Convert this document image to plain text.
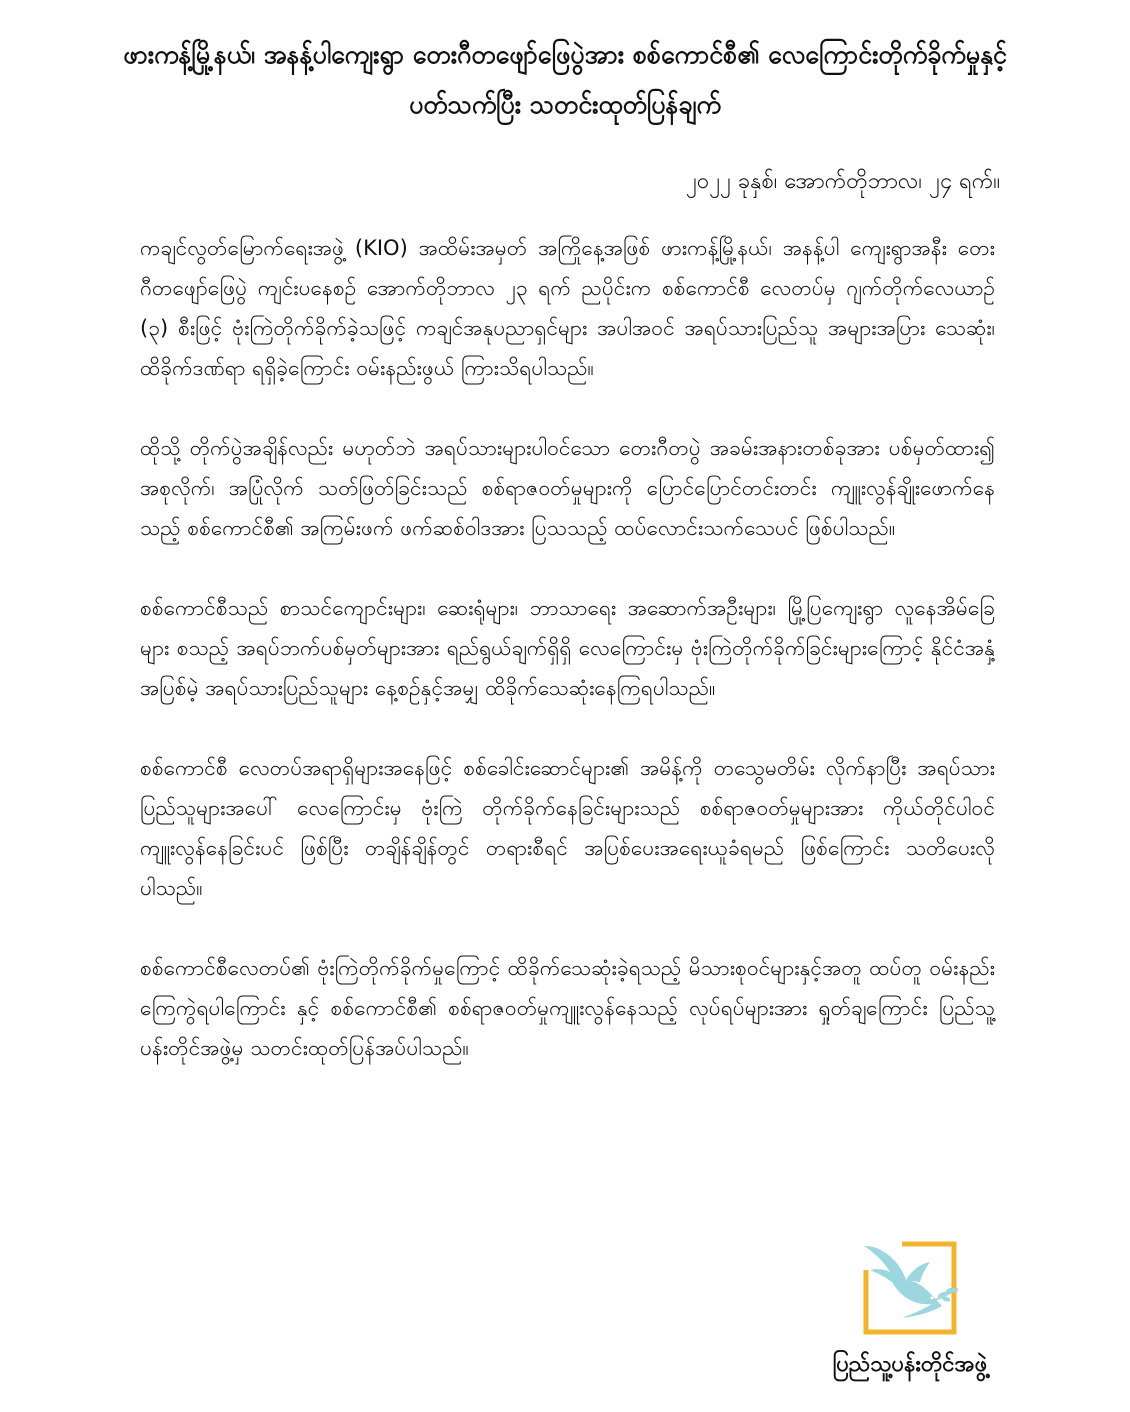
ဖားကန့်မြို့နယ်၊ အနန့်ပါကျေးရွာ တေးဂီတဖျော်ဖြေပွဲအား စစ်ကောင်စီ၏ လေကြောင်းတိုက်ခိုက်မှုနှင့် ပတ်သက်ပြီး သတင်းထုတ်ပြန်ချက်
၂၀၂၂ ခုနှစ်၊ အောက်တိုဘာလ၊ ၂၄ ရက်။

ကချင်လွတ်မြောက်ရေးအဖွဲ့ (KIO) အထိမ်းအမှတ် အကြိုနေ့အဖြစ် ဖားကန့်မြို့နယ်၊ အနန့်ပါ ကျေးရွာအနီး တေးဂီတဖျော်ဖြေပွဲ ကျင်းပနေစဉ် အောက်တိုဘာလ ၂၃ ရက် ညပိုင်းက စစ်ကောင်စီ လေတပ်မှ ဂျက်တိုက်လေယာဉ် (၃) စီးဖြင့် ဗုံးကြဲတိုက်ခိုက်ခဲ့သဖြင့် ကချင်အနုပညာရှင်များ အပါအဝင် အရပ်သားပြည်သူ အများအပြား သေဆုံး၊ ထိခိုက်ဒဏ်ရာ ရရှိခဲ့ကြောင်း ဝမ်းနည်းဖွယ် ကြားသိရပါသည်။

ထိုသို့ တိုက်ပွဲအချိန်လည်း မဟုတ်ဘဲ အရပ်သားများပါဝင်သော တေးဂီတပွဲ အခမ်းအနားတစ်ခုအား ပစ်မှတ်ထား၍ အစုလိုက်၊ အပြုံလိုက် သတ်ဖြတ်ခြင်းသည် စစ်ရာဇဝတ်မှုများကို ပြောင်ပြောင်တင်းတင်း ကျူးလွန်ချိုးဖောက်နေသည့် စစ်ကောင်စီ၏ အကြမ်းဖက် ဖက်ဆစ်ဝါဒအား ပြသသည့် ထပ်လောင်းသက်သေပင် ဖြစ်ပါသည်။

စစ်ကောင်စီသည် စာသင်ကျောင်းများ၊ ဆေးရုံများ၊ ဘာသာရေး အဆောက်အဦးများ၊ မြို့ပြကျေးရွာ လူနေအိမ်ခြေများ စသည့် အရပ်ဘက်ပစ်မှတ်များအား ရည်ရွယ်ချက်ရှိရှိ လေကြောင်းမှ ဗုံးကြဲတိုက်ခိုက်ခြင်းများကြောင့် နိုင်ငံအနှံ့ အပြစ်မဲ့ အရပ်သားပြည်သူများ နေ့စဉ်နှင့်အမျှ ထိခိုက်သေဆုံးနေကြရပါသည်။

စစ်ကောင်စီ လေတပ်အရာရှိများအနေဖြင့် စစ်ခေါင်းဆောင်များ၏ အမိန့်ကို တသွေမတိမ်း လိုက်နာပြီး အရပ်သားပြည်သူများအပေါ် လေကြောင်းမှ ဗုံးကြဲ တိုက်ခိုက်နေခြင်းများသည် စစ်ရာဇဝတ်မှုများအား ကိုယ်တိုင်ပါဝင်ကျူးလွန်နေခြင်းပင် ဖြစ်ပြီး တချိန်ချိန်တွင် တရားစီရင် အပြစ်ပေးအရေးယူခံရမည် ဖြစ်ကြောင်း သတိပေးလိုပါသည်။

စစ်ကောင်စီလေတပ်၏ ဗုံးကြဲတိုက်ခိုက်မှုကြောင့် ထိခိုက်သေဆုံးခဲ့ရသည့် မိသားစုဝင်များနှင့်အတူ ထပ်တူ ဝမ်းနည်းကြေကွဲရပါကြောင်း နှင့် စစ်ကောင်စီ၏ စစ်ရာဇဝတ်မှုကျူးလွန်နေသည့် လုပ်ရပ်များအား ရှုတ်ချကြောင်း ပြည်သူ့ပန်းတိုင်အဖွဲ့မှ သတင်းထုတ်ပြန်အပ်ပါသည်။

ပြည်သူ့ပန်းတိုင်အဖွဲ့
